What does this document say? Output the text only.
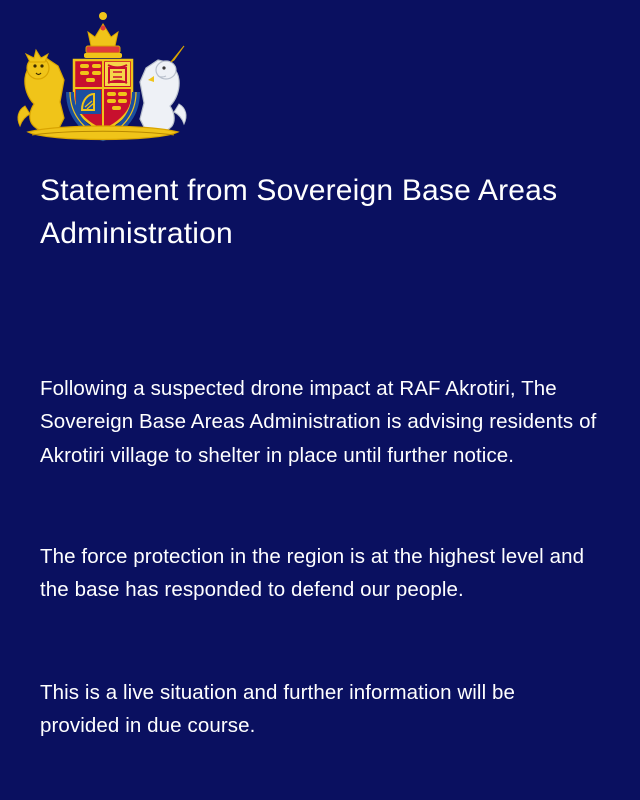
Statement from Sovereign Base Areas Administration
Following a suspected drone impact at RAF Akrotiri, The Sovereign Base Areas Administration is advising residents of Akrotiri village to shelter in place until further notice.
The force protection in the region is at the highest level and the base has responded to defend our people.
This is a live situation and further information will be provided in due course.
